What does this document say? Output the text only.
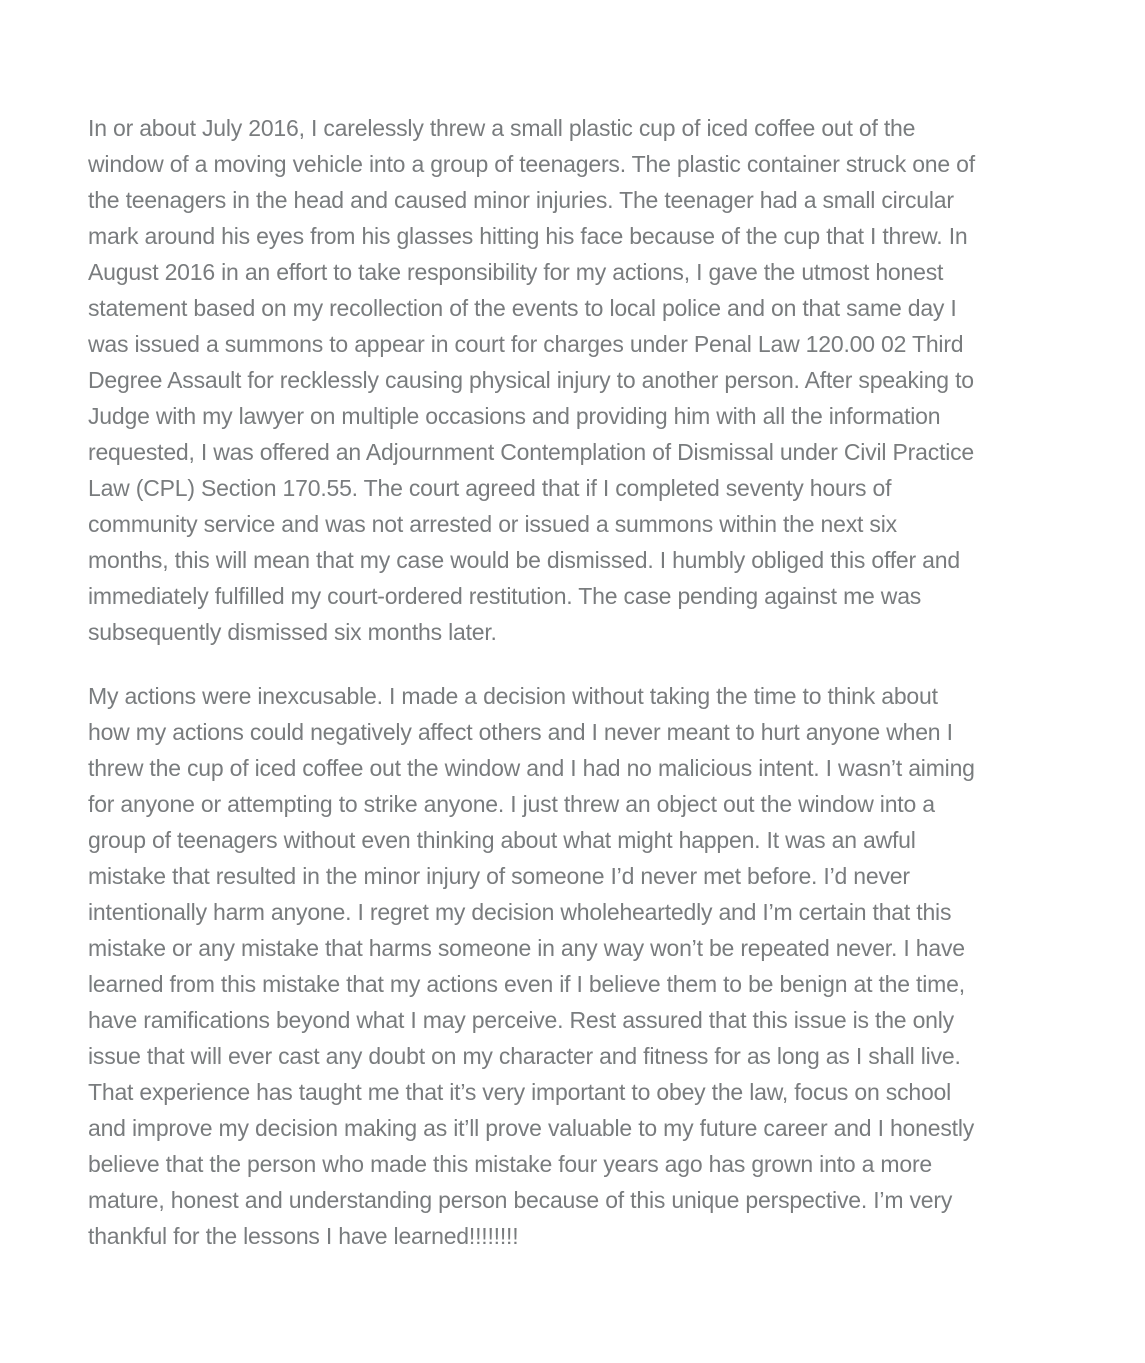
In or about July 2016, I carelessly threw a small plastic cup of iced coffee out of the
window of a moving vehicle into a group of teenagers. The plastic container struck one of
the teenagers in the head and caused minor injuries. The teenager had a small circular
mark around his eyes from his glasses hitting his face because of the cup that I threw. In
August 2016 in an effort to take responsibility for my actions, I gave the utmost honest
statement based on my recollection of the events to local police and on that same day I
was issued a summons to appear in court for charges under Penal Law 120.00 02 Third
Degree Assault for recklessly causing physical injury to another person. After speaking to
Judge with my lawyer on multiple occasions and providing him with all the information
requested, I was offered an Adjournment Contemplation of Dismissal under Civil Practice
Law (CPL) Section 170.55. The court agreed that if I completed seventy hours of
community service and was not arrested or issued a summons within the next six
months, this will mean that my case would be dismissed. I humbly obliged this offer and
immediately fulfilled my court-ordered restitution. The case pending against me was
subsequently dismissed six months later.

My actions were inexcusable. I made a decision without taking the time to think about
how my actions could negatively affect others and I never meant to hurt anyone when I
threw the cup of iced coffee out the window and I had no malicious intent. I wasn’t aiming
for anyone or attempting to strike anyone. I just threw an object out the window into a
group of teenagers without even thinking about what might happen. It was an awful
mistake that resulted in the minor injury of someone I’d never met before. I’d never
intentionally harm anyone. I regret my decision wholeheartedly and I’m certain that this
mistake or any mistake that harms someone in any way won’t be repeated never. I have
learned from this mistake that my actions even if I believe them to be benign at the time,
have ramifications beyond what I may perceive. Rest assured that this issue is the only
issue that will ever cast any doubt on my character and fitness for as long as I shall live.
That experience has taught me that it’s very important to obey the law, focus on school
and improve my decision making as it’ll prove valuable to my future career and I honestly
believe that the person who made this mistake four years ago has grown into a more
mature, honest and understanding person because of this unique perspective. I’m very
thankful for the lessons I have learned!!!!!!!!
